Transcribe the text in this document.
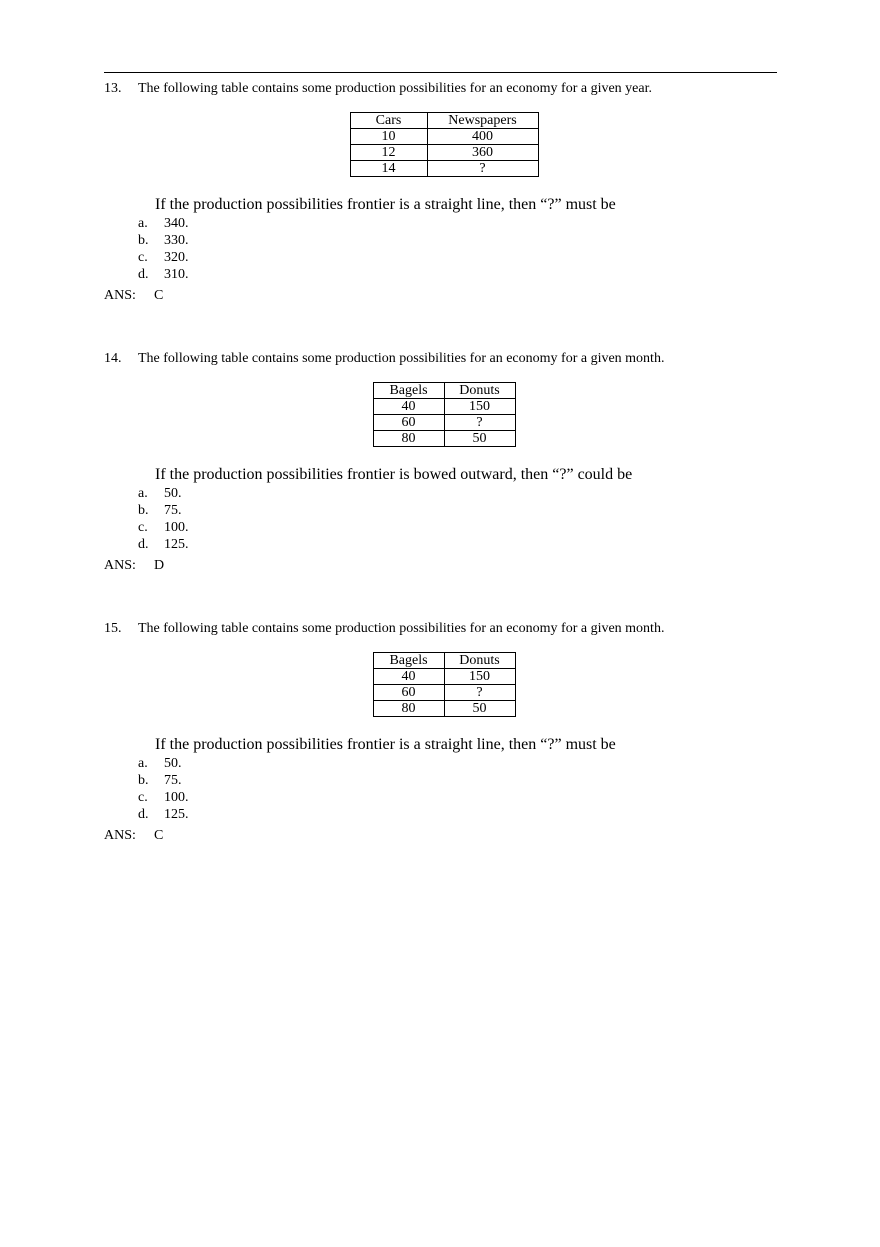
13. The following table contains some production possibilities for an economy for a given year.
Cars	Newspapers
10	400
12	360
14	?
If the production possibilities frontier is a straight line, then “?” must be
a. 340.
b. 330.
c. 320.
d. 310.
ANS: C
14. The following table contains some production possibilities for an economy for a given month.
Bagels	Donuts
40	150
60	?
80	50
If the production possibilities frontier is bowed outward, then “?” could be
a. 50.
b. 75.
c. 100.
d. 125.
ANS: D
15. The following table contains some production possibilities for an economy for a given month.
Bagels	Donuts
40	150
60	?
80	50
If the production possibilities frontier is a straight line, then “?” must be
a. 50.
b. 75.
c. 100.
d. 125.
ANS: C
